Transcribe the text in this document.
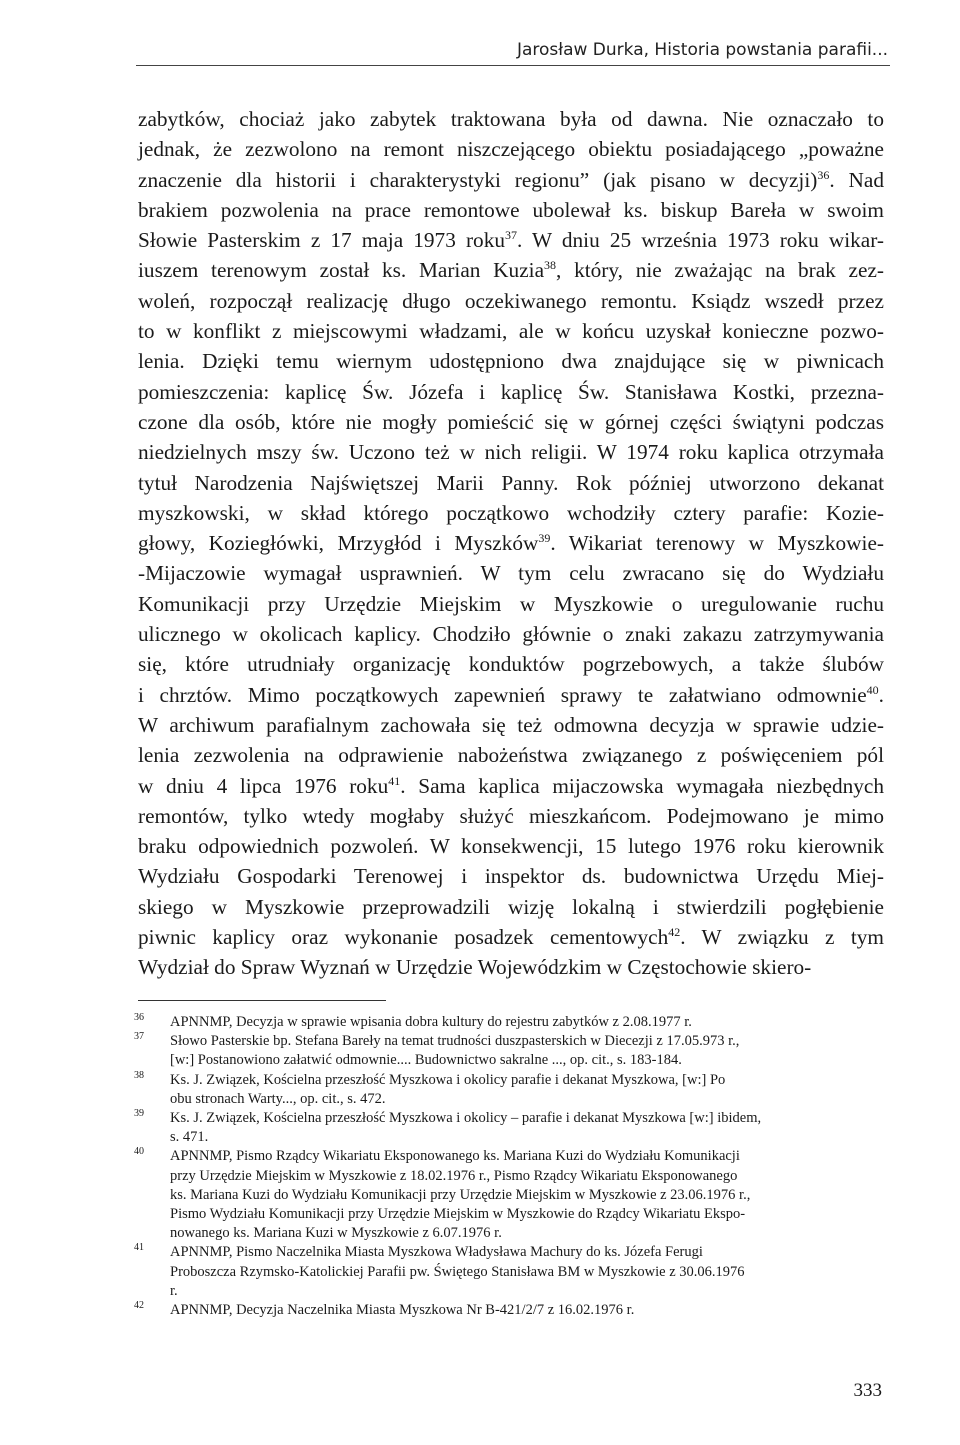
Jarosław Durka, Historia powstania parafii...
zabytków, chociaż jako zabytek traktowana była od dawna. Nie oznaczało to
jednak, że zezwolono na remont niszczejącego obiektu posiadającego „poważne
znaczenie dla historii i charakterystyki regionu” (jak pisano w decyzji)$^{36}$. Nad
brakiem pozwolenia na prace remontowe ubolewał ks. biskup Bareła w swoim
Słowie Pasterskim z 17 maja 1973 roku$^{37}$. W dniu 25 września 1973 roku wikar-
iuszem terenowym został ks. Marian Kuzia$^{38}$, który, nie zważając na brak zez-
woleń, rozpoczął realizację długo oczekiwanego remontu. Ksiądz wszedł przez
to w konflikt z miejscowymi władzami, ale w końcu uzyskał konieczne pozwo-
lenia. Dzięki temu wiernym udostępniono dwa znajdujące się w piwnicach
pomieszczenia: kaplicę Św. Józefa i kaplicę Św. Stanisława Kostki, przezna-
czone dla osób, które nie mogły pomieścić się w górnej części świątyni podczas
niedzielnych mszy św. Uczono też w nich religii. W 1974 roku kaplica otrzymała
tytuł Narodzenia Najświętszej Marii Panny. Rok później utworzono dekanat
myszkowski, w skład którego początkowo wchodziły cztery parafie: Kozie-
głowy, Koziegłówki, Mrzygłód i Myszków$^{39}$. Wikariat terenowy w Myszkowie-
-Mijaczowie wymagał usprawnień. W tym celu zwracano się do Wydziału
Komunikacji przy Urzędzie Miejskim w Myszkowie o uregulowanie ruchu
ulicznego w okolicach kaplicy. Chodziło głównie o znaki zakazu zatrzymywania
się, które utrudniały organizację konduktów pogrzebowych, a także ślubów
i chrztów. Mimo początkowych zapewnień sprawy te załatwiano odmownie$^{40}$.
W archiwum parafialnym zachowała się też odmowna decyzja w sprawie udzie-
lenia zezwolenia na odprawienie nabożeństwa związanego z poświęceniem pól
w dniu 4 lipca 1976 roku$^{41}$. Sama kaplica mijaczowska wymagała niezbędnych
remontów, tylko wtedy mogłaby służyć mieszkańcom. Podejmowano je mimo
braku odpowiednich pozwoleń. W konsekwencji, 15 lutego 1976 roku kierownik
Wydziału Gospodarki Terenowej i inspektor ds. budownictwa Urzędu Miej-
skiego w Myszkowie przeprowadzili wizję lokalną i stwierdzili pogłębienie
piwnic kaplicy oraz wykonanie posadzek cementowych$^{42}$. W związku z tym
Wydział do Spraw Wyznań w Urzędzie Wojewódzkim w Częstochowie skiero-
36 APNNMP, Decyzja w sprawie wpisania dobra kultury do rejestru zabytków z 2.08.1977 r.
37 Słowo Pasterskie bp. Stefana Bareły na temat trudności duszpasterskich w Diecezji z 17.05.973 r.,
[w:] Postanowiono załatwić odmownie.... Budownictwo sakralne ..., op. cit., s. 183-184.
38 Ks. J. Związek, Kościelna przeszłość Myszkowa i okolicy parafie i dekanat Myszkowa, [w:] Po
obu stronach Warty..., op. cit., s. 472.
39 Ks. J. Związek, Kościelna przeszłość Myszkowa i okolicy – parafie i dekanat Myszkowa [w:] ibidem,
s. 471.
40 APNNMP, Pismo Rządcy Wikariatu Eksponowanego ks. Mariana Kuzi do Wydziału Komunikacji
przy Urzędzie Miejskim w Myszkowie z 18.02.1976 r., Pismo Rządcy Wikariatu Eksponowanego
ks. Mariana Kuzi do Wydziału Komunikacji przy Urzędzie Miejskim w Myszkowie z 23.06.1976 r.,
Pismo Wydziału Komunikacji przy Urzędzie Miejskim w Myszkowie do Rządcy Wikariatu Ekspo-
nowanego ks. Mariana Kuzi w Myszkowie z 6.07.1976 r.
41 APNNMP, Pismo Naczelnika Miasta Myszkowa Władysława Machury do ks. Józefa Ferugi
Proboszcza Rzymsko-Katolickiej Parafii pw. Świętego Stanisława BM w Myszkowie z 30.06.1976
r.
42 APNNMP, Decyzja Naczelnika Miasta Myszkowa Nr B-421/2/7 z 16.02.1976 r.
333
